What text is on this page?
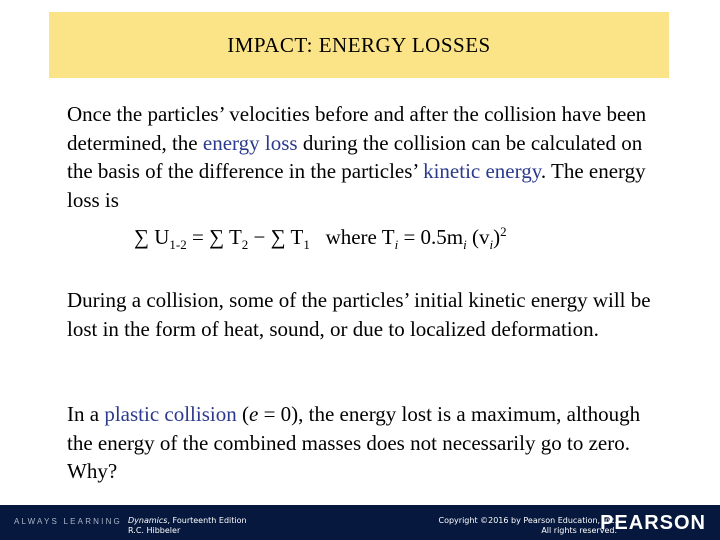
IMPACT: ENERGY LOSSES
Once the particles’ velocities before and after the collision have been determined, the energy loss during the collision can be calculated on the basis of the difference in the particles’ kinetic energy. The energy loss is
∑ $U_{1-2}$ = ∑ $T_2$ − ∑ $T_1$ where $T_i = 0.5m_i$ $(v_i)^2$
During a collision, some of the particles’ initial kinetic energy will be lost in the form of heat, sound, or due to localized deformation.
In a plastic collision (e = 0), the energy lost is a maximum, although the energy of the combined masses does not necessarily go to zero. Why?
ALWAYS LEARNING Dynamics, Fourteenth Edition
R.C. Hibbeler
Copyright ©2016 by Pearson Education, Inc.
All rights reserved.
PEARSON
